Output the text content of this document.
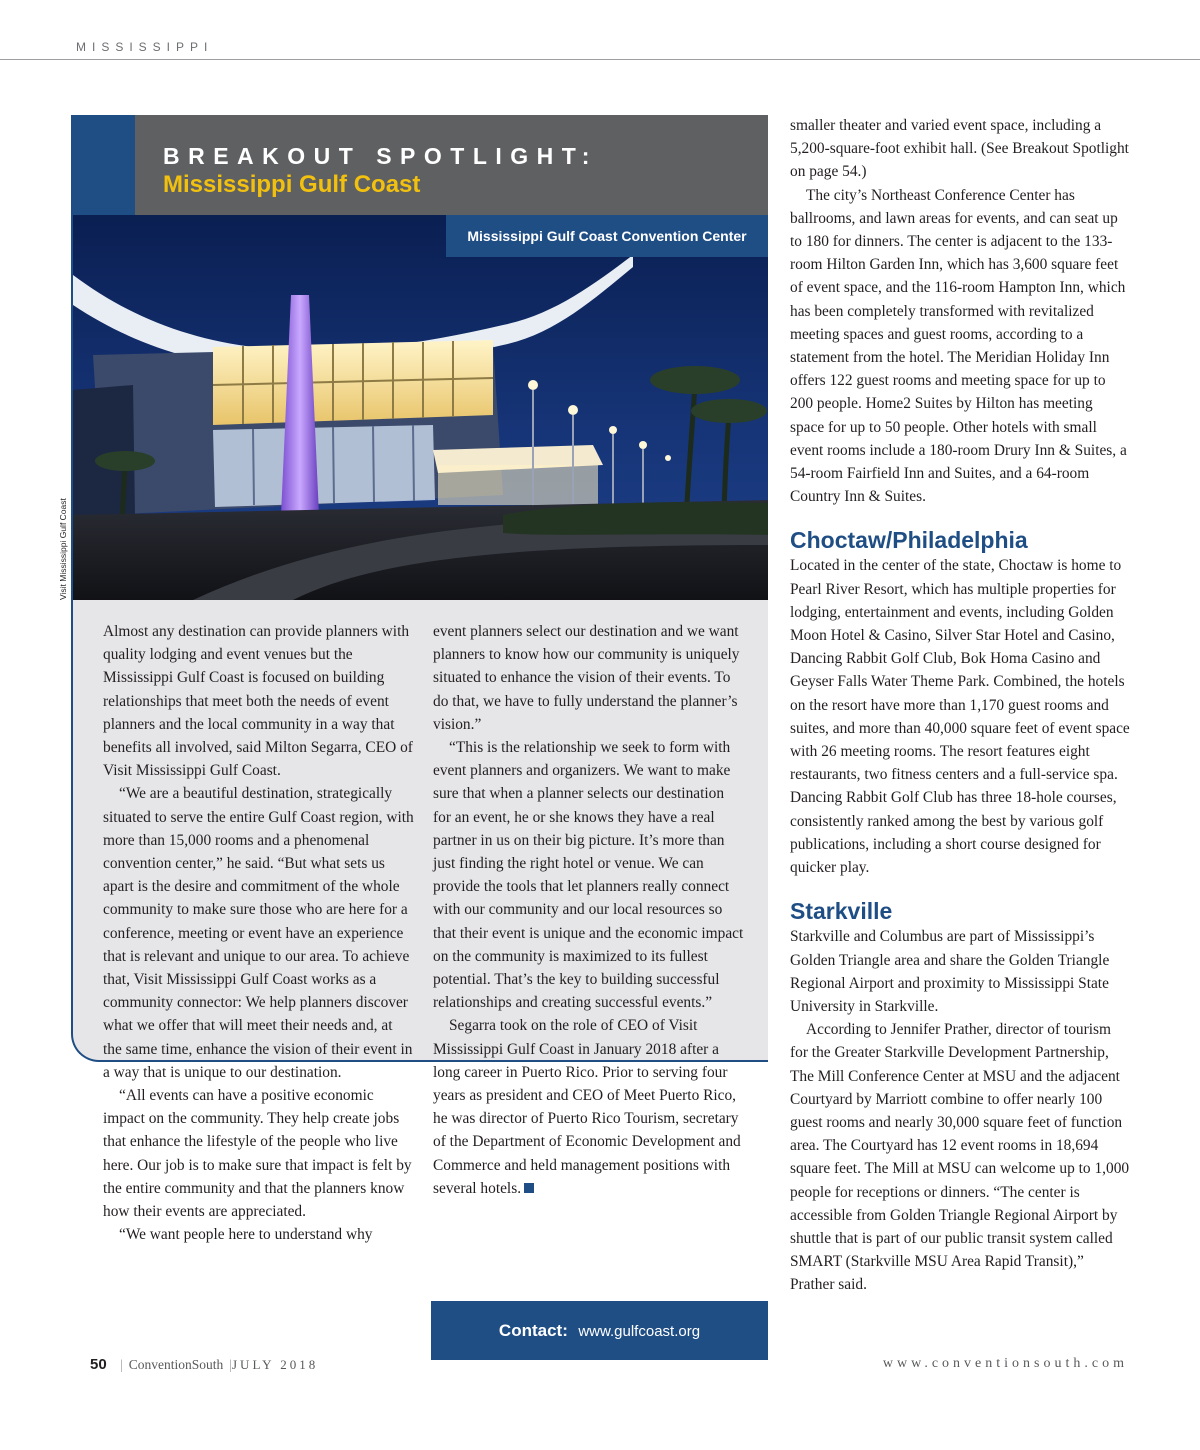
MISSISSIPPI
BREAKOUT SPOTLIGHT:
Mississippi Gulf Coast
Mississippi Gulf Coast Convention Center

Almost any destination can provide planners with quality lodging and event venues but the Mississippi Gulf Coast is focused on building relationships that meet both the needs of event planners and the local community in a way that benefits all involved, said Milton Segarra, CEO of Visit Mississippi Gulf Coast.

“We are a beautiful destination, strategically situated to serve the entire Gulf Coast region, with more than 15,000 rooms and a phenomenal convention center,” he said. “But what sets us apart is the desire and commitment of the whole community to make sure those who are here for a conference, meeting or event have an experience that is relevant and unique to our area. To achieve that, Visit Mississippi Gulf Coast works as a community connector: We help planners discover what we offer that will meet their needs and, at the same time, enhance the vision of their event in a way that is unique to our destination.

“All events can have a positive economic impact on the community. They help create jobs that enhance the lifestyle of the people who live here. Our job is to make sure that impact is felt by the entire community and that the planners know how their events are appreciated.

“We want people here to understand why

event planners select our destination and we want planners to know how our community is uniquely situated to enhance the vision of their events. To do that, we have to fully understand the planner’s vision.”

“This is the relationship we seek to form with event planners and organizers. We want to make sure that when a planner selects our destination for an event, he or she knows they have a real partner in us on their big picture. It’s more than just finding the right hotel or venue. We can provide the tools that let planners really connect with our community and our local resources so that their event is unique and the economic impact on the community is maximized to its fullest potential. That’s the key to building successful relationships and creating successful events.”

Segarra took on the role of CEO of Visit Mississippi Gulf Coast in January 2018 after a long career in Puerto Rico. Prior to serving four years as president and CEO of Meet Puerto Rico, he was director of Puerto Rico Tourism, secretary of the Department of Economic Development and Commerce and held management positions with several hotels.

Contact: www.gulfcoast.org
Visit Mississippi Gulf Coast

smaller theater and varied event space, including a 5,200-square-foot exhibit hall. (See Breakout Spotlight on page 54.)

The city’s Northeast Conference Center has ballrooms, and lawn areas for events, and can seat up to 180 for dinners. The center is adjacent to the 133-room Hilton Garden Inn, which has 3,600 square feet of event space, and the 116-room Hampton Inn, which has been completely transformed with revitalized meeting spaces and guest rooms, according to a statement from the hotel. The Meridian Holiday Inn offers 122 guest rooms and meeting space for up to 200 people. Home2 Suites by Hilton has meeting space for up to 50 people. Other hotels with small event rooms include a 180-room Drury Inn & Suites, a 54-room Fairfield Inn and Suites, and a 64-room Country Inn & Suites.

Choctaw/Philadelphia

Located in the center of the state, Choctaw is home to Pearl River Resort, which has multiple properties for lodging, entertainment and events, including Golden Moon Hotel & Casino, Silver Star Hotel and Casino, Dancing Rabbit Golf Club, Bok Homa Casino and Geyser Falls Water Theme Park. Combined, the hotels on the resort have more than 1,170 guest rooms and suites, and more than 40,000 square feet of event space with 26 meeting rooms. The resort features eight restaurants, two fitness centers and a full-service spa. Dancing Rabbit Golf Club has three 18-hole courses, consistently ranked among the best by various golf publications, including a short course designed for quicker play.

Starkville

Starkville and Columbus are part of Mississippi’s Golden Triangle area and share the Golden Triangle Regional Airport and proximity to Mississippi State University in Starkville.

According to Jennifer Prather, director of tourism for the Greater Starkville Development Partnership, The Mill Conference Center at MSU and the adjacent Courtyard by Marriott combine to offer nearly 100 guest rooms and nearly 30,000 square feet of function area. The Courtyard has 12 event rooms in 18,694 square feet. The Mill at MSU can welcome up to 1,000 people for receptions or dinners. “The center is accessible from Golden Triangle Regional Airport by shuttle that is part of our public transit system called SMART (Starkville MSU Area Rapid Transit),” Prather said.

50 | ConventionSouth | JULY 2018	www.conventionsouth.com
